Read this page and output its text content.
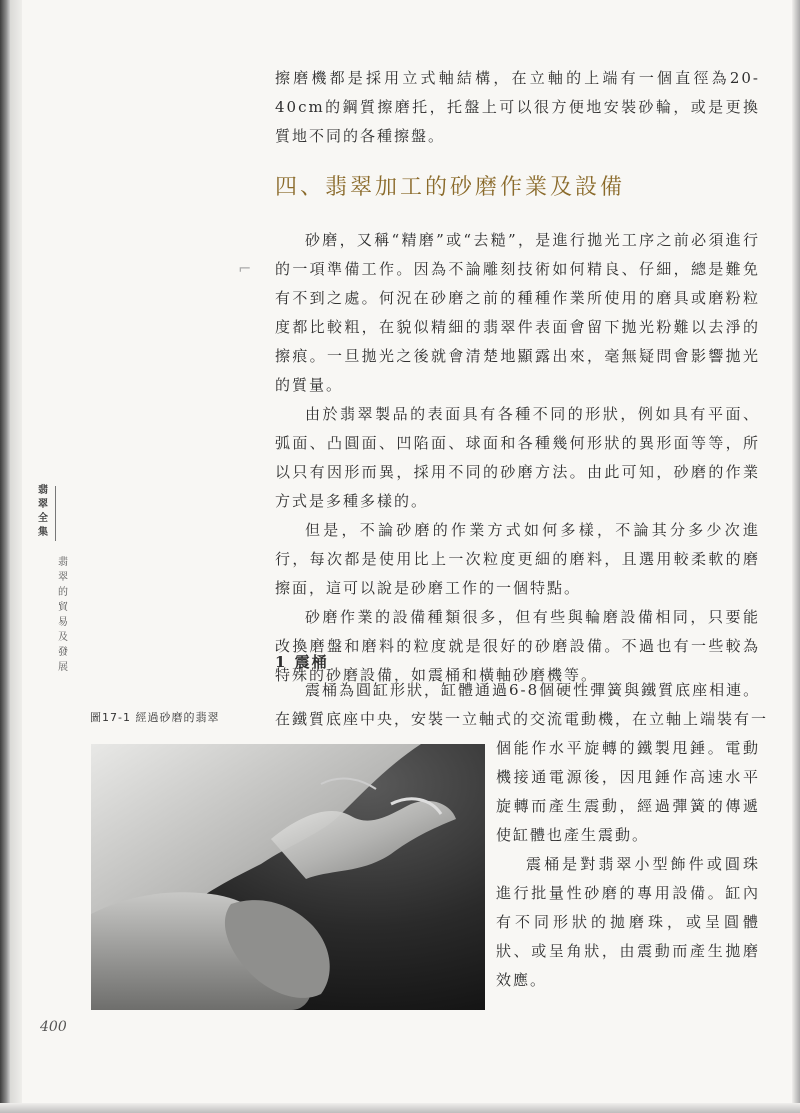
擦磨機都是採用立式軸結構，在立軸的上端有一個直徑為20-40cm的鋼質擦磨托，托盤上可以很方便地安裝砂輪，或是更換質地不同的各種擦盤。

四、翡翠加工的砂磨作業及設備
⌐

砂磨，又稱“精磨”或“去糙”，是進行拋光工序之前必須進行的一項準備工作。因為不論雕刻技術如何精良、仔細，總是難免有不到之處。何況在砂磨之前的種種作業所使用的磨具或磨粉粒度都比較粗，在貌似精細的翡翠件表面會留下拋光粉難以去淨的擦痕。一旦拋光之後就會清楚地顯露出來，毫無疑問會影響拋光的質量。

由於翡翠製品的表面具有各種不同的形狀，例如具有平面、弧面、凸圓面、凹陷面、球面和各種幾何形狀的異形面等等，所以只有因形而異，採用不同的砂磨方法。由此可知，砂磨的作業方式是多種多樣的。

但是，不論砂磨的作業方式如何多樣，不論其分多少次進行，每次都是使用比上一次粒度更細的磨料，且選用較柔軟的磨擦面，這可以說是砂磨工作的一個特點。

砂磨作業的設備種類很多，但有些與輪磨設備相同，只要能改換磨盤和磨料的粒度就是很好的砂磨設備。不過也有一些較為特殊的砂磨設備，如震桶和橫軸砂磨機等。

1 震桶
震桶為圓缸形狀，缸體通過6-8個硬性彈簧與鐵質底座相連。
在鐵質底座中央，安裝一立軸式的交流電動機，在立軸上端裝有一

個能作水平旋轉的鐵製甩錘。電動機接通電源後，因甩錘作高速水平旋轉而產生震動，經過彈簧的傳遞使缸體也產生震動。

震桶是對翡翠小型飾件或圓珠進行批量性砂磨的專用設備。缸內有不同形狀的拋磨珠，或呈圓體狀、或呈角狀，由震動而產生拋磨效應。

圖17-1 經過砂磨的翡翠
翡翠全集
翡翠的貿易及發展
400
